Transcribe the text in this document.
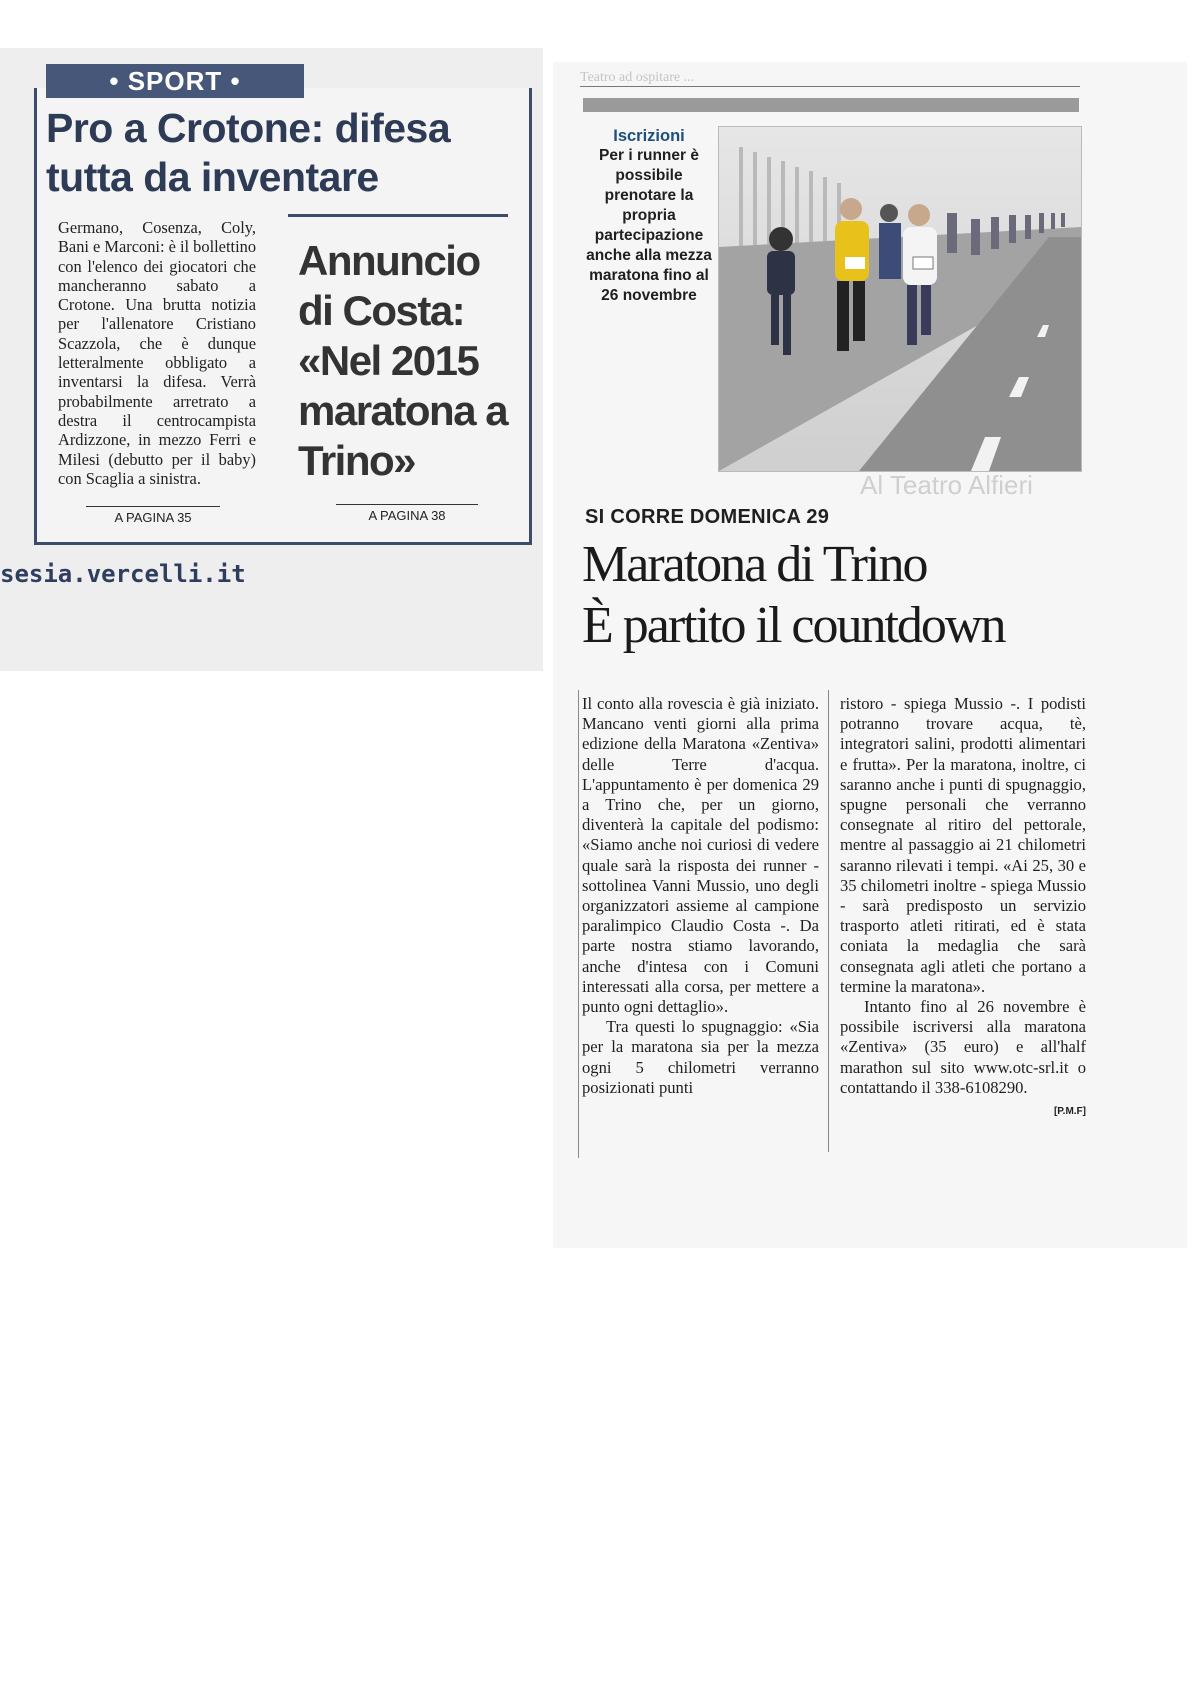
• SPORT •
Pro a Crotone: difesa tutta da inventare
Germano, Cosenza, Coly, Bani e Marconi: è il bollettino con l'elenco dei giocatori che mancheranno sabato a Crotone. Una brutta notizia per l'allenatore Cristiano Scazzola, che è dunque letteralmente obbligato a inventarsi la difesa. Verrà probabilmente arretrato a destra il centrocampista Ardizzone, in mezzo Ferri e Milesi (debutto per il baby) con Scaglia a sinistra.
Annuncio di Costa: «Nel 2015 maratona a Trino»
A PAGINA 35	A PAGINA 38
sesia.vercelli.it
Teatro ad ospitare ...
Iscrizioni
Per i runner è possibile prenotare la propria partecipazione anche alla mezza maratona fino al 26 novembre
Al Teatro Alfieri
SI CORRE DOMENICA 29
Maratona di Trino
È partito il countdown

Il conto alla rovescia è già iniziato. Mancano venti giorni alla prima edizione della Maratona «Zentiva» delle Terre d'acqua. L'appuntamento è per domenica 29 a Trino che, per un giorno, diventerà la capitale del podismo: «Siamo anche noi curiosi di vedere quale sarà la risposta dei runner - sottolinea Vanni Mussio, uno degli organizzatori assieme al campione paralimpico Claudio Costa -. Da parte nostra stiamo lavorando, anche d'intesa con i Comuni interessati alla corsa, per mettere a punto ogni dettaglio».

Tra questi lo spugnaggio: «Sia per la maratona sia per la mezza ogni 5 chilometri verranno posizionati punti

ristoro - spiega Mussio -. I podisti potranno trovare acqua, tè, integratori salini, prodotti alimentari e frutta». Per la maratona, inoltre, ci saranno anche i punti di spugnaggio, spugne personali che verranno consegnate al ritiro del pettorale, mentre al passaggio ai 21 chilometri saranno rilevati i tempi. «Ai 25, 30 e 35 chilometri inoltre - spiega Mussio - sarà predisposto un servizio trasporto atleti ritirati, ed è stata coniata la medaglia che sarà consegnata agli atleti che portano a termine la maratona».

Intanto fino al 26 novembre è possibile iscriversi alla maratona «Zentiva» (35 euro) e all'half marathon sul sito www.otc-srl.it o contattando il 338-6108290.

[P.M.F]
